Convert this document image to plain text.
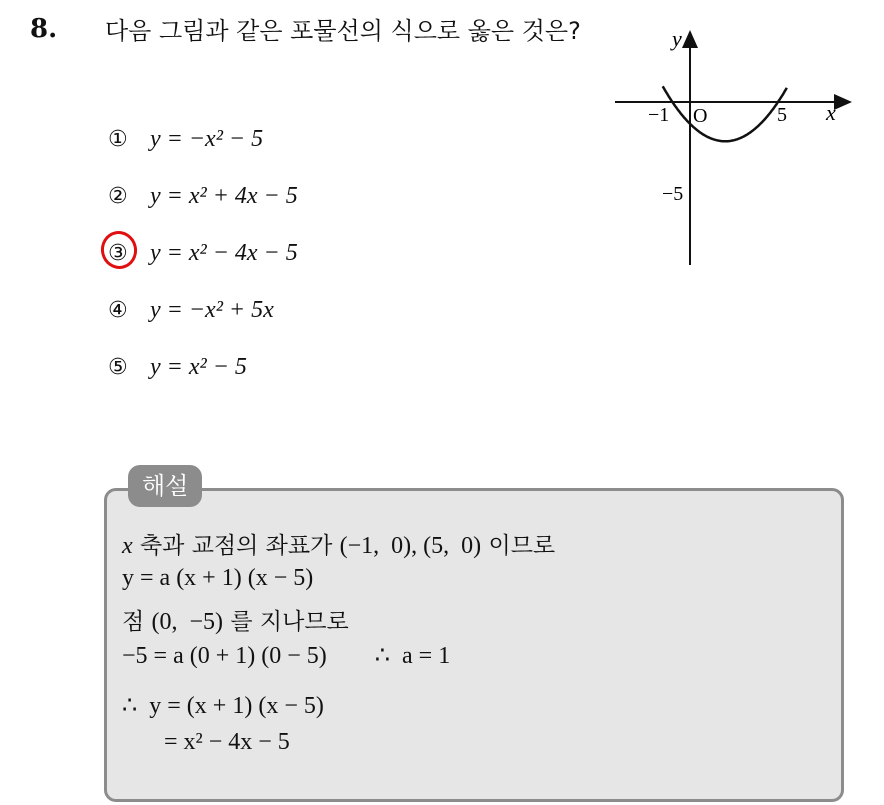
8. 다음 그림과 같은 포물선의 식으로 옳은 것은?
① y = −x² − 5
② y = x² + 4x − 5
③ y = x² − 4x − 5
④ y = −x² + 5x
⑤ y = x² − 5
y
x
O
−1	5
−5
해설
x 축과 교점의 좌표가 (−1,  0), (5,  0) 이므로
y = a (x + 1) (x − 5)
점 (0,  −5) 를 지나므로
−5 = a (0 + 1) (0 − 5)        ∴  a = 1
∴  y = (x + 1) (x − 5)
= x² − 4x − 5
